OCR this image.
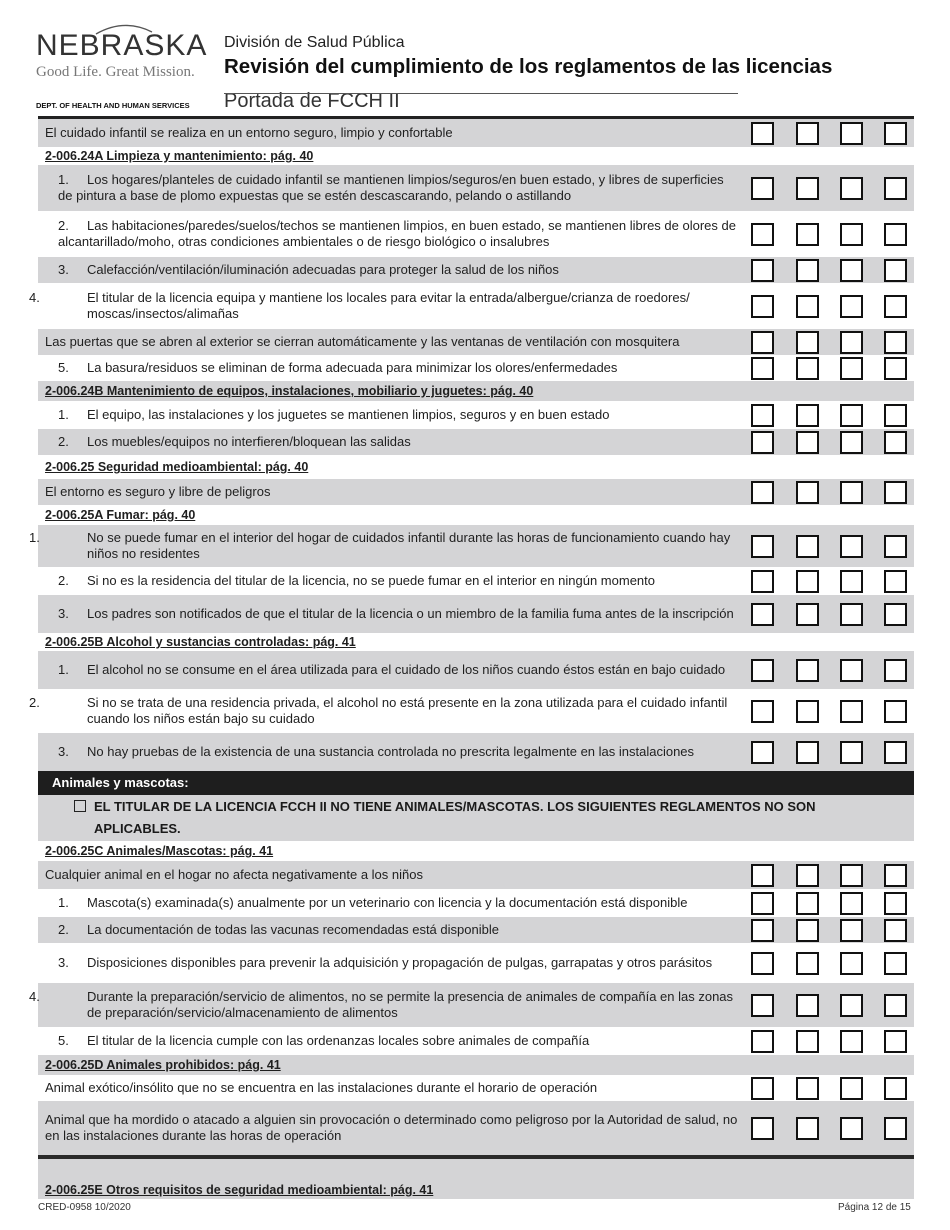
NEBRASKA
Good Life. Great Mission.
DEPT. OF HEALTH AND HUMAN SERVICES
División de Salud Pública
Revisión del cumplimiento de los reglamentos de las licencias
Portada de FCCH II
El cuidado infantil se realiza en un entorno seguro, limpio y confortable
2-006.24A Limpieza y mantenimiento: pág. 40
1. Los hogares/planteles de cuidado infantil se mantienen limpios/seguros/en buen estado, y libres de superficies de pintura a base de plomo expuestas que se estén descascarando, pelando o astillando
2. Las habitaciones/paredes/suelos/techos se mantienen limpios, en buen estado, se mantienen libres de olores de alcantarillado/moho, otras condiciones ambientales o de riesgo biológico o insalubres
3. Calefacción/ventilación/iluminación adecuadas para proteger la salud de los niños
4.	El titular de la licencia equipa y mantiene los locales para evitar la entrada/albergue/crianza de roedores/ moscas/insectos/alimañas
Las puertas que se abren al exterior se cierran automáticamente y las ventanas de ventilación con mosquitera
5. La basura/residuos se eliminan de forma adecuada para minimizar los olores/enfermedades
2-006.24B Mantenimiento de equipos, instalaciones, mobiliario y juguetes: pág. 40
1. El equipo, las instalaciones y los juguetes se mantienen limpios, seguros y en buen estado
2. Los muebles/equipos no interfieren/bloquean las salidas
2-006.25 Seguridad medioambiental: pág. 40
El entorno es seguro y libre de peligros
2-006.25A Fumar: pág. 40
1.	No se puede fumar en el interior del hogar de cuidados infantil durante las horas de funcionamiento cuando hay niños no residentes
2. Si no es la residencia del titular de la licencia, no se puede fumar en el interior en ningún momento
3. Los padres son notificados de que el titular de la licencia o un miembro de la familia fuma antes de la inscripción
2-006.25B Alcohol y sustancias controladas: pág. 41
1. El alcohol no se consume en el área utilizada para el cuidado de los niños cuando éstos están en bajo cuidado
2.	Si no se trata de una residencia privada, el alcohol no está presente en la zona utilizada para el cuidado infantil cuando los niños están bajo su cuidado
3. No hay pruebas de la existencia de una sustancia controlada no prescrita legalmente en las instalaciones
Animales y mascotas:
EL TITULAR DE LA LICENCIA FCCH II NO TIENE ANIMALES/MASCOTAS. LOS SIGUIENTES REGLAMENTOS NO SON
APLICABLES.
2-006.25C Animales/Mascotas: pág. 41
Cualquier animal en el hogar no afecta negativamente a los niños
1. Mascota(s) examinada(s) anualmente por un veterinario con licencia y la documentación está disponible
2. La documentación de todas las vacunas recomendadas está disponible
3. Disposiciones disponibles para prevenir la adquisición y propagación de pulgas, garrapatas y otros parásitos
4.	Durante la preparación/servicio de alimentos, no se permite la presencia de animales de compañía en las zonas de preparación/servicio/almacenamiento de alimentos
5. El titular de la licencia cumple con las ordenanzas locales sobre animales de compañía
2-006.25D Animales prohibidos: pág. 41
Animal exótico/insólito que no se encuentra en las instalaciones durante el horario de operación
Animal que ha mordido o atacado a alguien sin provocación o determinado como peligroso por la Autoridad de salud, no en las instalaciones durante las horas de operación
2-006.25E Otros requisitos de seguridad medioambiental: pág. 41
CRED-0958 10/2020	Página 12 de 15
